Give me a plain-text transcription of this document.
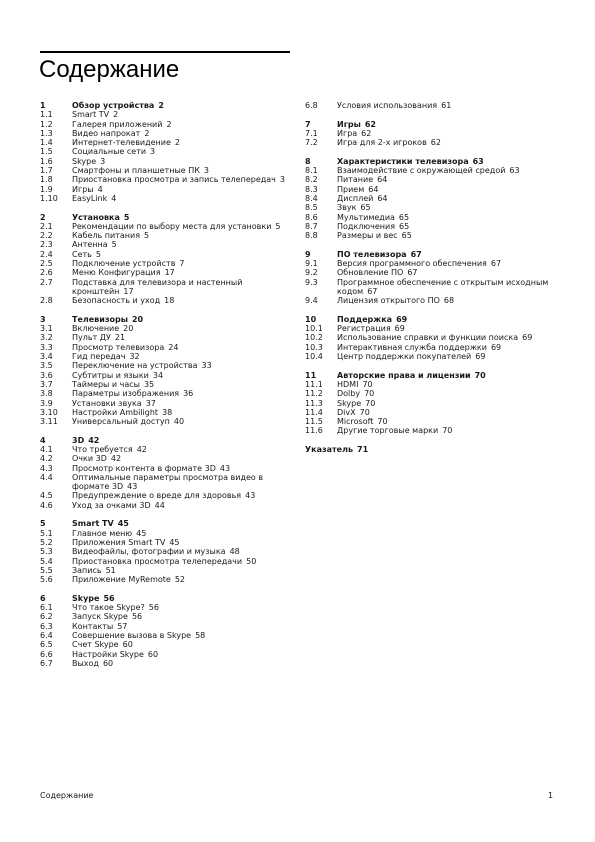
Содержание
1	Обзор устройства 2
1.1 Smart TV 2
1.2 Галерея приложений 2
1.3 Видео напрокат 2
1.4 Интернет-телевидение 2
1.5 Социальные сети 3
1.6 Skype 3
1.7 Смартфоны и планшетные ПК 3
1.8 Приостановка просмотра и запись телепередач 3
1.9 Игры 4
1.10 EasyLink 4
2	Установка 5
2.1 Рекомендации по выбору места для установки 5
2.2 Кабель питания 5
2.3 Антенна 5
2.4 Сеть 5
2.5 Подключение устройств 7
2.6 Меню Конфигурация 17
2.7 Подставка для телевизора и настенный кронштейн 17
2.8 Безопасность и уход 18
3	Телевизоры 20
3.1 Включение 20
3.2 Пульт ДУ 21
3.3 Просмотр телевизора 24
3.4 Гид передач 32
3.5 Переключение на устройства 33
3.6 Субтитры и языки 34
3.7 Таймеры и часы 35
3.8 Параметры изображения 36
3.9 Установки звука 37
3.10 Настройки Ambilight 38
3.11 Универсальный доступ 40
4	3D 42
4.1 Что требуется 42
4.2 Очки 3D 42
4.3 Просмотр контента в формате 3D 43
4.4 Оптимальные параметры просмотра видео в формате 3D 43
4.5 Предупреждение о вреде для здоровья 43
4.6 Уход за очками 3D 44
5	Smart TV 45
5.1 Главное меню 45
5.2 Приложения Smart TV 45
5.3 Видеофайлы, фотографии и музыка 48
5.4 Приостановка просмотра телепередачи 50
5.5 Запись 51
5.6 Приложение MyRemote 52
6	Skype 56
6.1 Что такое Skype? 56
6.2 Запуск Skype 56
6.3 Контакты 57
6.4 Совершение вызова в Skype 58
6.5 Счет Skype 60
6.6 Настройки Skype 60
6.7 Выход 60
6.8 Условия использования 61
7	Игры 62
7.1 Игра 62
7.2 Игра для 2-х игроков 62
8	Характеристики телевизора 63
8.1 Взаимодействие с окружающей средой 63
8.2 Питание 64
8.3 Прием 64
8.4 Дисплей 64
8.5 Звук 65
8.6 Мультимедиа 65
8.7 Подключения 65
8.8 Размеры и вес 65
9	ПО телевизора 67
9.1 Версия программного обеспечения 67
9.2 Обновление ПО 67
9.3 Программное обеспечение с открытым исходным кодом 67
9.4 Лицензия открытого ПО 68
10	Поддержка 69
10.1 Регистрация 69
10.2 Использование справки и функции поиска 69
10.3 Интерактивная служба поддержки 69
10.4 Центр поддержки покупателей 69
11	Авторские права и лицензии 70
11.1 HDMI 70
11.2 Dolby 70
11.3 Skype 70
11.4 DivX 70
11.5 Microsoft 70
11.6 Другие торговые марки 70
Указатель 71
Содержание	1
